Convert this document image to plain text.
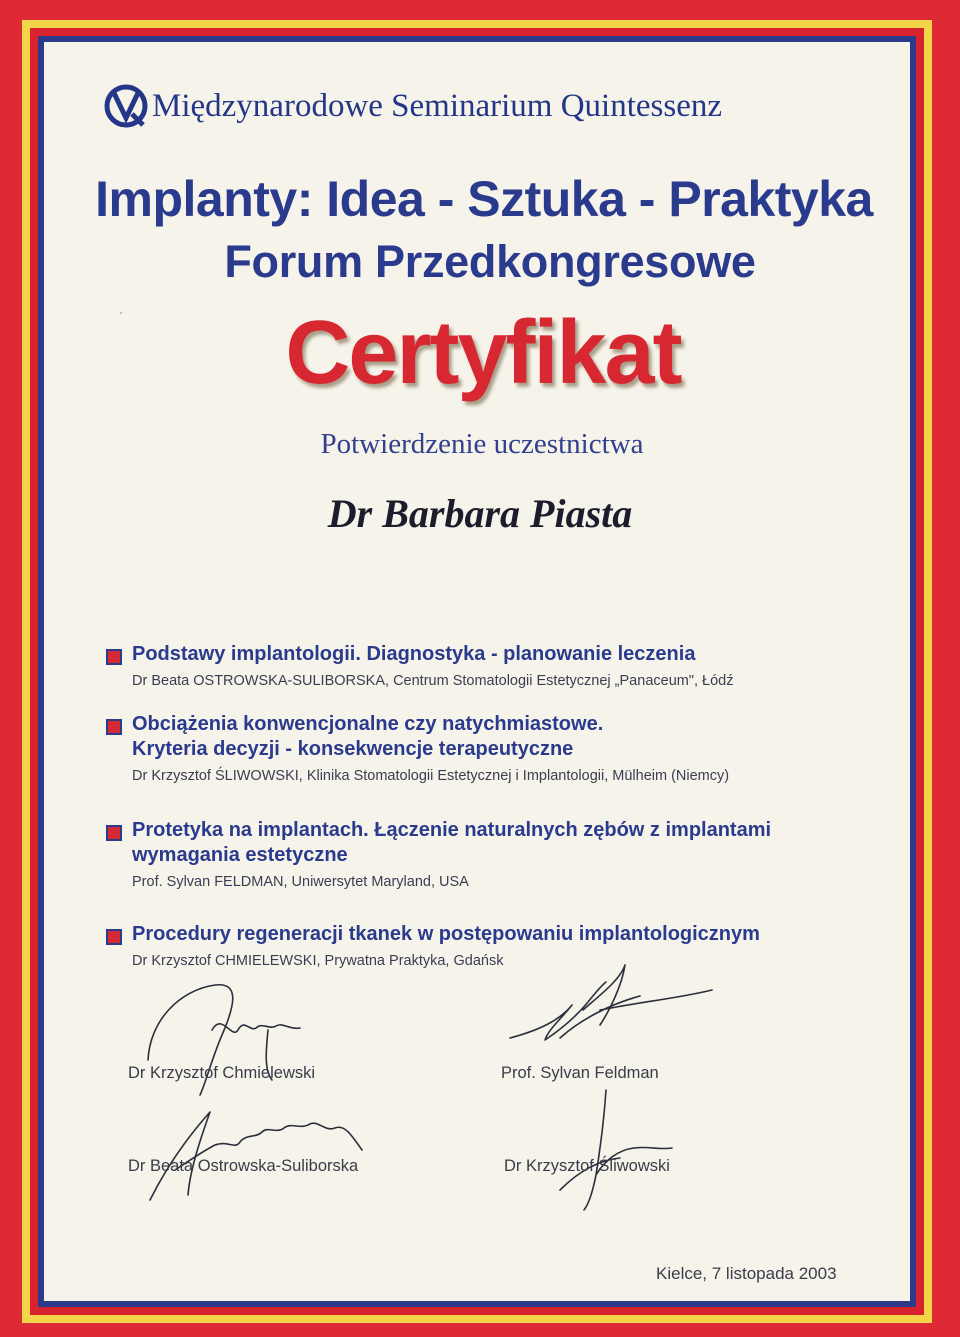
Międzynarodowe Seminarium Quintessenz
Implanty: Idea - Sztuka - Praktyka
Forum Przedkongresowe
Certyfikat
Potwierdzenie uczestnictwa
Dr Barbara Piasta
Podstawy implantologii. Diagnostyka - planowanie leczenia
Dr Beata OSTROWSKA-SULIBORSKA, Centrum Stomatologii Estetycznej „Panaceum", Łódź
Obciążenia konwencjonalne czy natychmiastowe.
Kryteria decyzji - konsekwencje terapeutyczne
Dr Krzysztof ŚLIWOWSKI, Klinika Stomatologii Estetycznej i Implantologii, Mülheim (Niemcy)
Protetyka na implantach. Łączenie naturalnych zębów z implantami
wymagania estetyczne
Prof. Sylvan FELDMAN, Uniwersytet Maryland, USA
Procedury regeneracji tkanek w postępowaniu implantologicznym
Dr Krzysztof CHMIELEWSKI, Prywatna Praktyka, Gdańsk
Dr Krzysztof Chmielewski	Prof. Sylvan Feldman
Dr Beata Ostrowska-Suliborska	Dr Krzysztof Śliwowski
Kielce, 7 listopada 2003
